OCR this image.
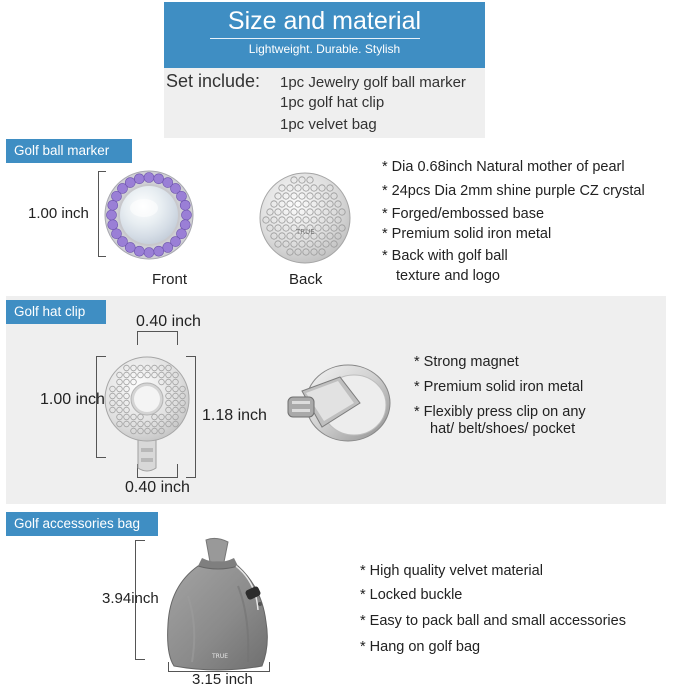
Size and material
Lightweight. Durable. Stylish
Set include: 1pc Jewelry golf ball marker
1pc golf hat clip
1pc velvet bag
Golf ball marker
1.00 inch
Front
TRUE
Back
* Dia 0.68inch Natural mother of pearl
* 24pcs Dia 2mm shine purple CZ crystal
* Forged/embossed base
* Premium solid iron metal
* Back with golf ball
texture and logo
Golf hat clip
0.40 inch
1.00 inch
1.18 inch
0.40 inch
* Strong magnet
* Premium solid iron metal
* Flexibly press clip on any
hat/ belt/shoes/ pocket
Golf accessories bag
3.94inch
TRUE
3.15 inch
* High quality velvet material
* Locked buckle
* Easy to pack ball and small accessories
* Hang on golf bag
